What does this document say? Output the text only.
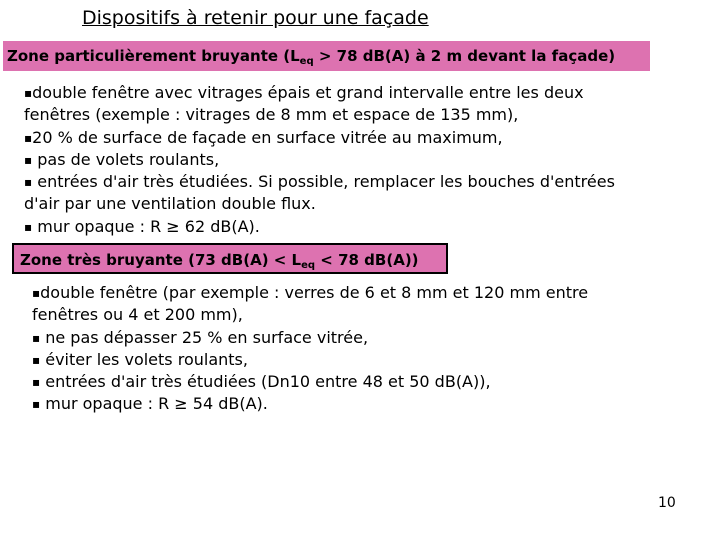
Dispositifs à retenir pour une façade
Zone particulièrement bruyante ($L_{eq} > 78$ dB(A) à 2 m devant la façade)
▪double fenêtre avec vitrages épais et grand intervalle entre les deux
fenêtres (exemple : vitrages de 8 mm et espace de 135 mm),
▪20 % de surface de façade en surface vitrée au maximum,
▪ pas de volets roulants,
▪ entrées d'air très étudiées. Si possible, remplacer les bouches d'entrées
d'air par une ventilation double flux.
▪ mur opaque : R ≥ 62 dB(A).
Zone très bruyante (73 $dB(A) < L_{eq} < 78$ dB(A))
▪double fenêtre (par exemple : verres de 6 et 8 mm et 120 mm entre
fenêtres ou 4 et 200 mm),
▪ ne pas dépasser 25 % en surface vitrée,
▪ éviter les volets roulants,
▪ entrées d'air très étudiées (Dn10 entre 48 et 50 dB(A)),
▪ mur opaque : R ≥ 54 dB(A).
10
